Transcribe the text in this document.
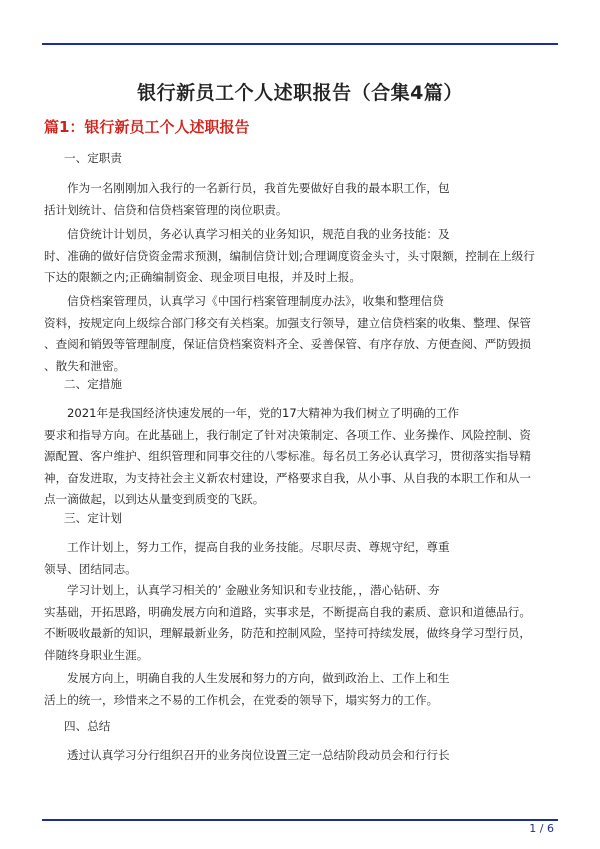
银行新员工个人述职报告（合集4篇）
篇1：银行新员工个人述职报告
一、定职责
作为一名刚刚加入我行的一名新行员，我首先要做好自我的最本职工作，包
括计划统计、信贷和信贷档案管理的岗位职责。
信贷统计计划员，务必认真学习相关的业务知识，规范自我的业务技能：及
时、准确的做好信贷资金需求预测，编制信贷计划;合理调度资金头寸，头寸限额，控制在上级行
下达的限额之内;正确编制资金、现金项目电报，并及时上报。
信贷档案管理员，认真学习《中国行档案管理制度办法》，收集和整理信贷
资料，按规定向上级综合部门移交有关档案。加强支行领导，建立信贷档案的收集、整理、保管
、查阅和销毁等管理制度，保证信贷档案资料齐全、妥善保管、有序存放、方便查阅、严防毁损
、散失和泄密。
二、定措施
2021年是我国经济快速发展的一年，党的17大精神为我们树立了明确的工作
要求和指导方向。在此基础上，我行制定了针对决策制定、各项工作、业务操作、风险控制、资
源配置、客户维护、组织管理和同事交往的八零标准。每名员工务必认真学习，贯彻落实指导精
神，奋发进取，为支持社会主义新农村建设，严格要求自我，从小事、从自我的本职工作和从一
点一滴做起，以到达从量变到质变的飞跃。
三、定计划
工作计划上，努力工作，提高自我的业务技能。尽职尽责、尊规守纪，尊重
领导、团结同志。
学习计划上，认真学习相关的’ 金融业务知识和专业技能，，潜心钻研、夯
实基础，开拓思路，明确发展方向和道路，实事求是，不断提高自我的素质、意识和道德品行。
不断吸收最新的知识，理解最新业务，防范和控制风险，坚持可持续发展，做终身学习型行员，
伴随终身职业生涯。
发展方向上，明确自我的人生发展和努力的方向，做到政治上、工作上和生
活上的统一，珍惜来之不易的工作机会，在党委的领导下，塌实努力的工作。
四、总结
透过认真学习分行组织召开的业务岗位设置三定一总结阶段动员会和行行长
1 / 6
